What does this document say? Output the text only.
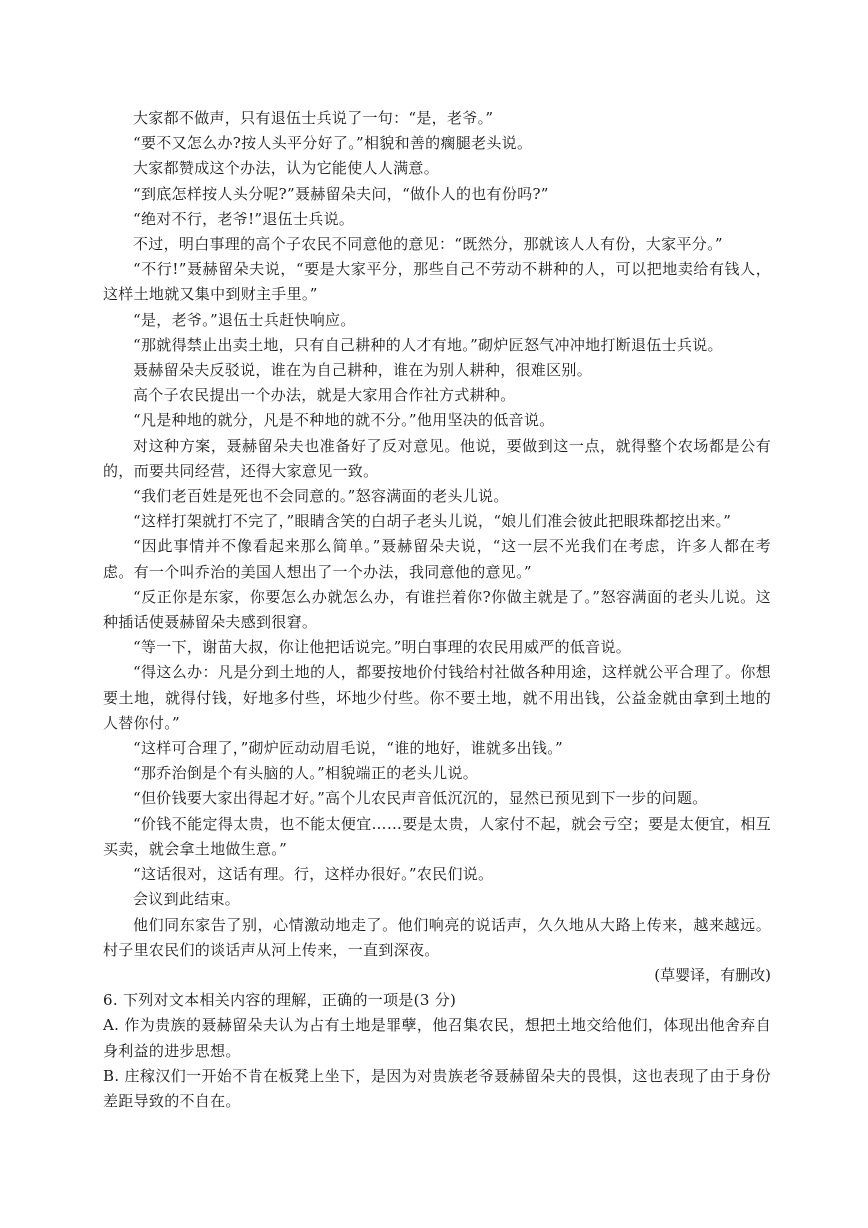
大家都不做声，只有退伍士兵说了一句：“是，老爷。”

“要不又怎么办?按人头平分好了。”相貌和善的瘸腿老头说。

大家都赞成这个办法，认为它能使人人满意。

“到底怎样按人头分呢?”聂赫留朵夫问，“做仆人的也有份吗?”

“绝对不行，老爷!”退伍士兵说。

不过，明白事理的高个子农民不同意他的意见：“既然分，那就该人人有份，大家平分。”

“不行!”聂赫留朵夫说，“要是大家平分，那些自己不劳动不耕种的人，可以把地卖给有钱人，这样土地就又集中到财主手里。”

“是，老爷。”退伍士兵赶快响应。

“那就得禁止出卖土地，只有自己耕种的人才有地。”砌炉匠怒气冲冲地打断退伍士兵说。

聂赫留朵夫反驳说，谁在为自己耕种，谁在为别人耕种，很难区别。

高个子农民提出一个办法，就是大家用合作社方式耕种。

“凡是种地的就分，凡是不种地的就不分。”他用坚决的低音说。

对这种方案，聂赫留朵夫也准备好了反对意见。他说，要做到这一点，就得整个农场都是公有的，而要共同经营，还得大家意见一致。

“我们老百姓是死也不会同意的。”怒容满面的老头儿说。

“这样打架就打不完了，”眼睛含笑的白胡子老头儿说，“娘儿们准会彼此把眼珠都挖出来。”

“因此事情并不像看起来那么简单。”聂赫留朵夫说，“这一层不光我们在考虑，许多人都在考虑。有一个叫乔治的美国人想出了一个办法，我同意他的意见。”

“反正你是东家，你要怎么办就怎么办，有谁拦着你?你做主就是了。”怒容满面的老头儿说。这种插话使聂赫留朵夫感到很窘。

“等一下，谢苗大叔，你让他把话说完。”明白事理的农民用威严的低音说。

“得这么办：凡是分到土地的人，都要按地价付钱给村社做各种用途，这样就公平合理了。你想要土地，就得付钱，好地多付些，坏地少付些。你不要土地，就不用出钱，公益金就由拿到土地的人替你付。”

“这样可合理了，”砌炉匠动动眉毛说，“谁的地好，谁就多出钱。”

“那乔治倒是个有头脑的人。”相貌端正的老头儿说。

“但价钱要大家出得起才好。”高个儿农民声音低沉沉的，显然已预见到下一步的问题。

“价钱不能定得太贵，也不能太便宜……要是太贵，人家付不起，就会亏空；要是太便宜，相互买卖，就会拿土地做生意。”

“这话很对，这话有理。行，这样办很好。”农民们说。

会议到此结束。

他们同东家告了别，心情激动地走了。他们响亮的说话声，久久地从大路上传来，越来越远。村子里农民们的谈话声从河上传来，一直到深夜。

(草婴译，有删改)

6. 下列对文本相关内容的理解，正确的一项是(3 分)

A. 作为贵族的聂赫留朵夫认为占有土地是罪孽，他召集农民，想把土地交给他们，体现出他舍弃自身利益的进步思想。

B. 庄稼汉们一开始不肯在板凳上坐下，是因为对贵族老爷聂赫留朵夫的畏惧，这也表现了由于身份差距导致的不自在。
